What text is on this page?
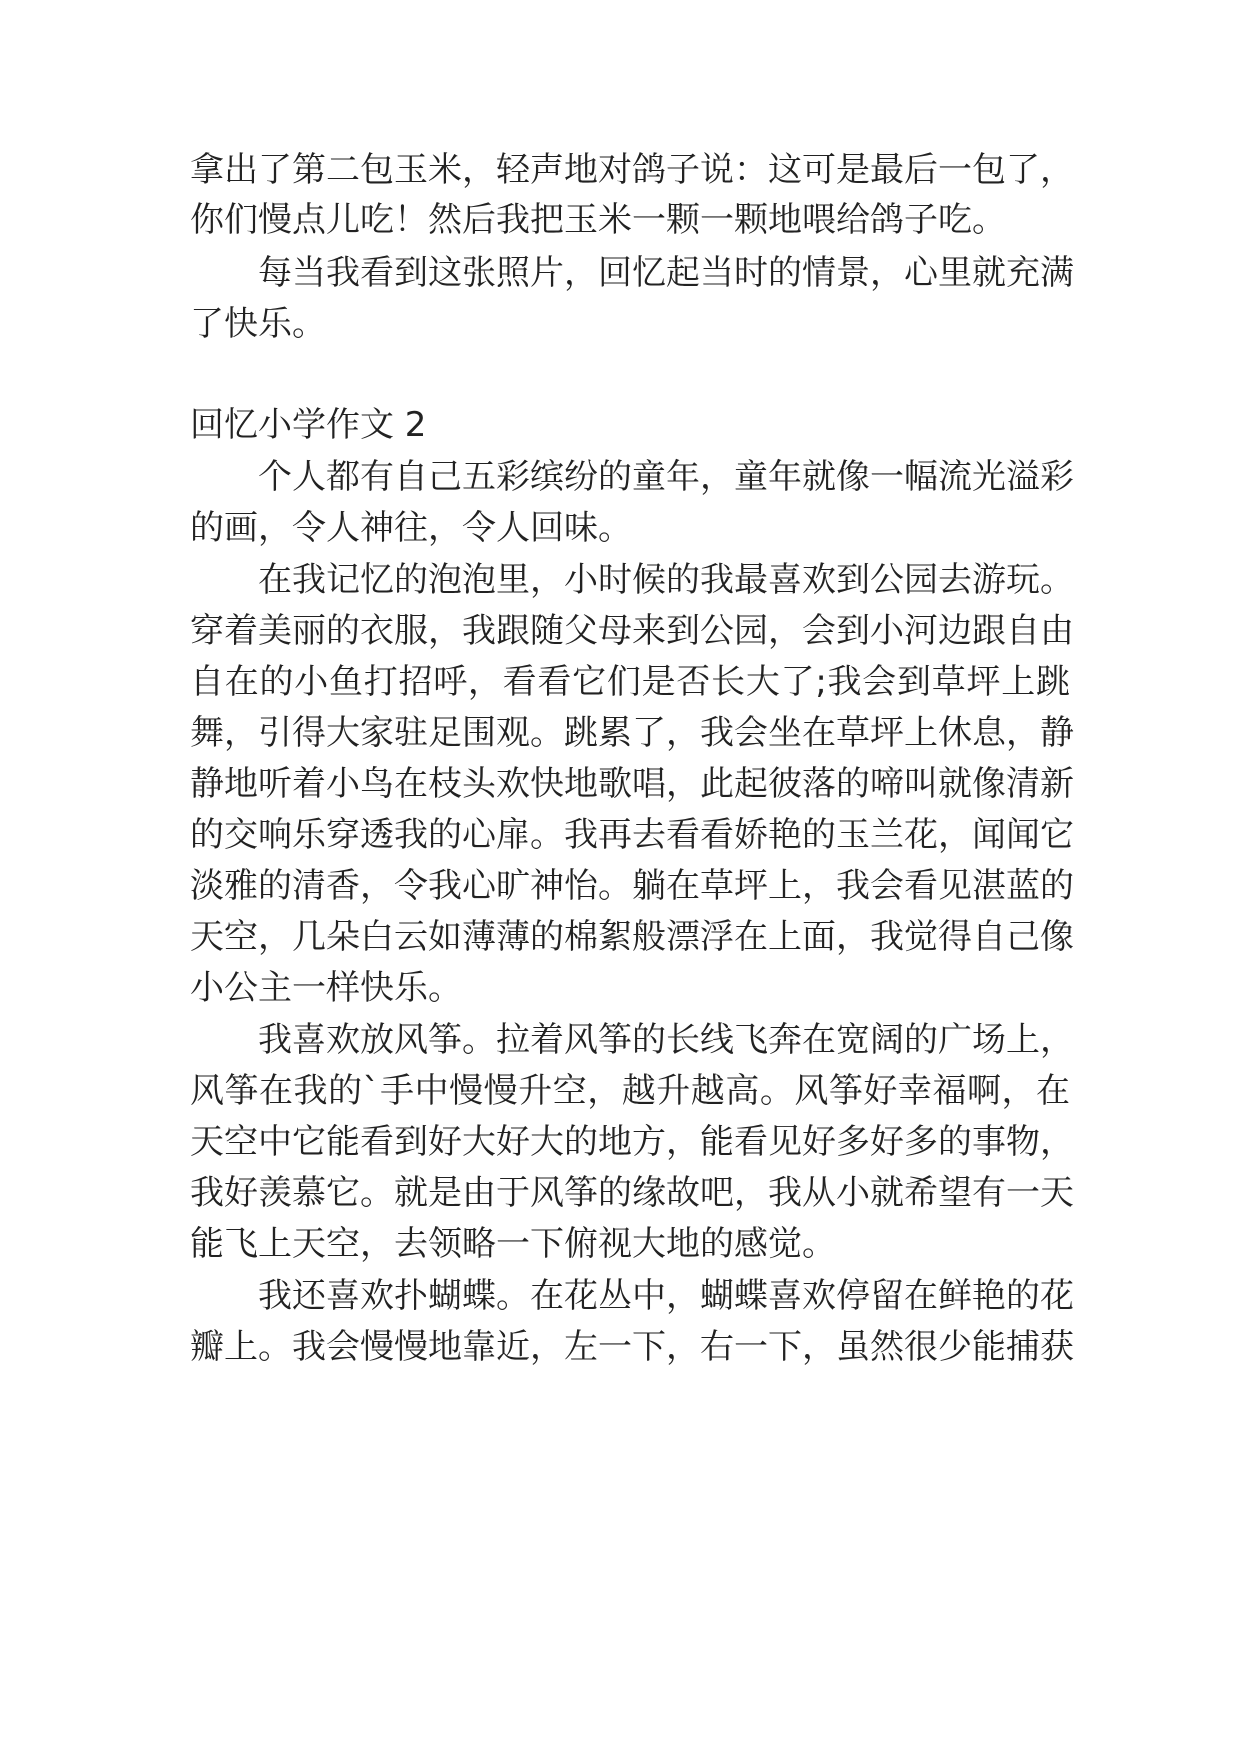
拿出了第二包玉米，轻声地对鸽子说：这可是最后一包了，
你们慢点儿吃！然后我把玉米一颗一颗地喂给鸽子吃。
每当我看到这张照片，回忆起当时的情景，心里就充满
了快乐。
回忆小学作文 2
个人都有自己五彩缤纷的童年，童年就像一幅流光溢彩
的画，令人神往，令人回味。
在我记忆的泡泡里，小时候的我最喜欢到公园去游玩。
穿着美丽的衣服，我跟随父母来到公园，会到小河边跟自由
自在的小鱼打招呼，看看它们是否长大了;我会到草坪上跳
舞，引得大家驻足围观。跳累了，我会坐在草坪上休息，静
静地听着小鸟在枝头欢快地歌唱，此起彼落的啼叫就像清新
的交响乐穿透我的心扉。我再去看看娇艳的玉兰花，闻闻它
淡雅的清香，令我心旷神怡。躺在草坪上，我会看见湛蓝的
天空，几朵白云如薄薄的棉絮般漂浮在上面，我觉得自己像
小公主一样快乐。
我喜欢放风筝。拉着风筝的长线飞奔在宽阔的广场上，
风筝在我的`手中慢慢升空，越升越高。风筝好幸福啊，在
天空中它能看到好大好大的地方，能看见好多好多的事物，
我好羡慕它。就是由于风筝的缘故吧，我从小就希望有一天
能飞上天空，去领略一下俯视大地的感觉。
我还喜欢扑蝴蝶。在花丛中，蝴蝶喜欢停留在鲜艳的花
瓣上。我会慢慢地靠近，左一下，右一下，虽然很少能捕获
